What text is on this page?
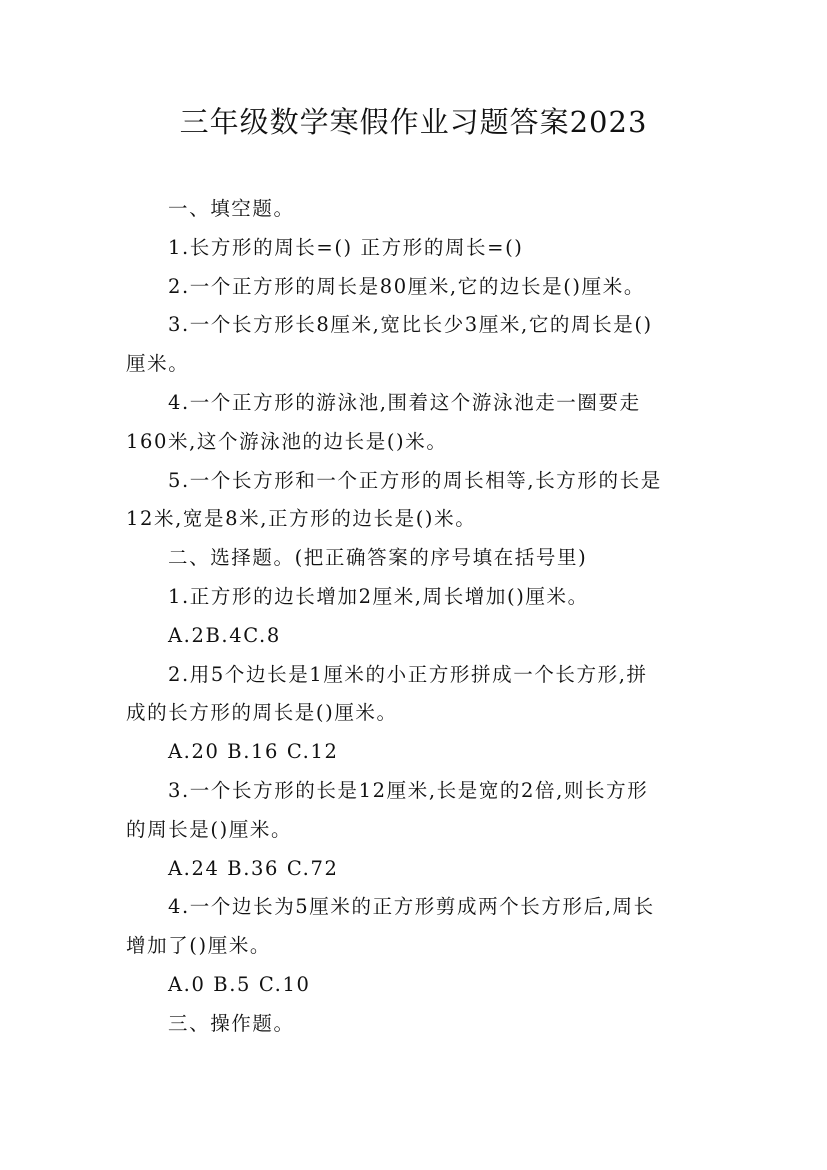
三年级数学寒假作业习题答案2023
一、填空题。
1.长方形的周长=() 正方形的周长=()
2.一个正方形的周长是80厘米,它的边长是()厘米。
3.一个长方形长8厘米,宽比长少3厘米,它的周长是()
厘米。
4.一个正方形的游泳池,围着这个游泳池走一圈要走
160米,这个游泳池的边长是()米。
5.一个长方形和一个正方形的周长相等,长方形的长是
12米,宽是8米,正方形的边长是()米。
二、选择题。(把正确答案的序号填在括号里)
1.正方形的边长增加2厘米,周长增加()厘米。
A.2B.4C.8
2.用5个边长是1厘米的小正方形拼成一个长方形,拼
成的长方形的周长是()厘米。
A.20 B.16 C.12
3.一个长方形的长是12厘米,长是宽的2倍,则长方形
的周长是()厘米。
A.24 B.36 C.72
4.一个边长为5厘米的正方形剪成两个长方形后,周长
增加了()厘米。
A.0 B.5 C.10
三、操作题。
